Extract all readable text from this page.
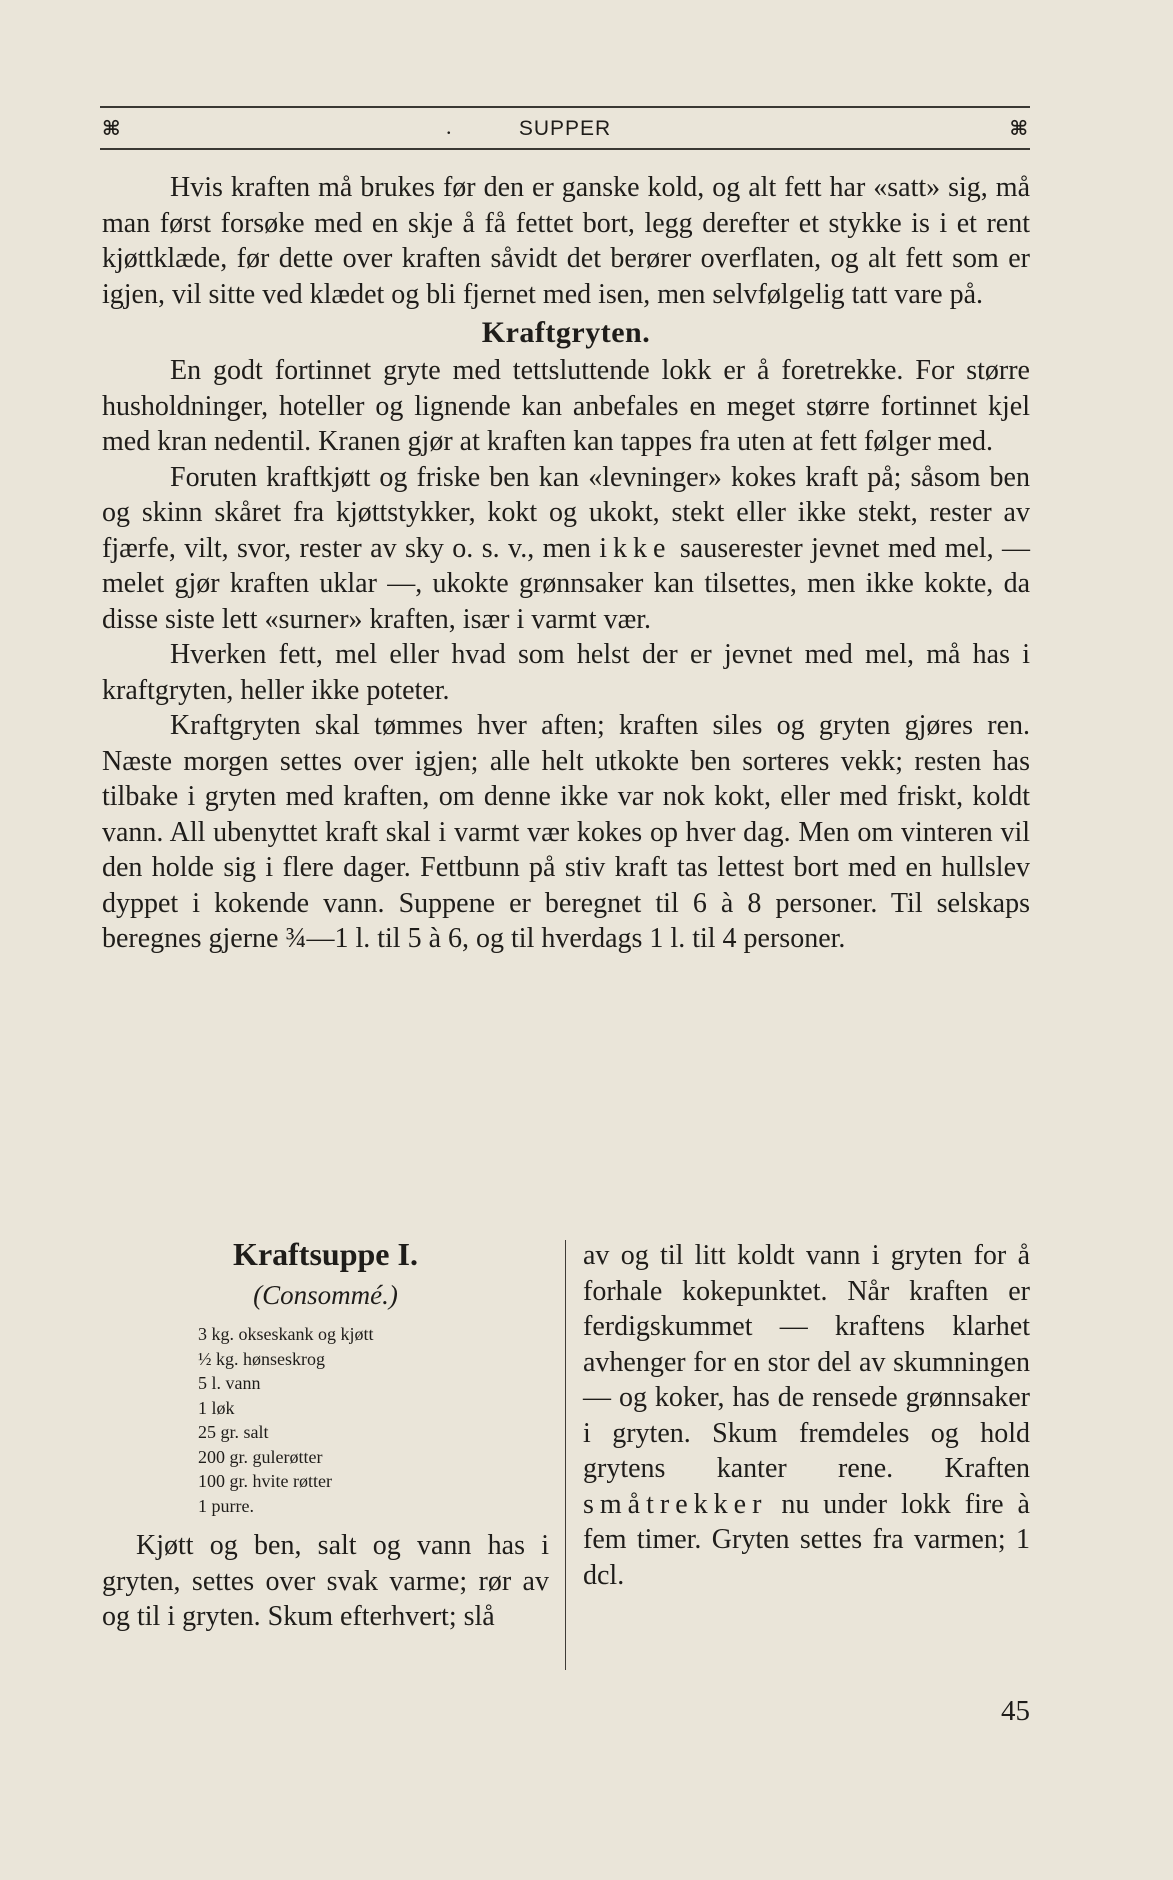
⌘	.	SUPPER	⌘

Hvis kraften må brukes før den er ganske kold, og alt fett har «satt» sig, må man først forsøke med en skje å få fettet bort, legg derefter et stykke is i et rent kjøttklæde, før dette over kraften såvidt det berører overflaten, og alt fett som er igjen, vil sitte ved klædet og bli fjernet med isen, men selvfølgelig tatt vare på.

Kraftgryten.

En godt fortinnet gryte med tettsluttende lokk er å foretrekke. For større husholdninger, hoteller og lignende kan anbefales en meget større fortinnet kjel med kran nedentil. Kranen gjør at kraften kan tappes fra uten at fett følger med.

Foruten kraftkjøtt og friske ben kan «levninger» kokes kraft på; såsom ben og skinn skåret fra kjøttstykker, kokt og ukokt, stekt eller ikke stekt, rester av fjærfe, vilt, svor, rester av sky o. s. v., men ikke sauserester jevnet med mel, — melet gjør kraften uklar —, ukokte grønnsaker kan tilsettes, men ikke kokte, da disse siste lett «surner» kraften, især i varmt vær.

Hverken fett, mel eller hvad som helst der er jevnet med mel, må has i kraftgryten, heller ikke poteter.

Kraftgryten skal tømmes hver aften; kraften siles og gryten gjøres ren. Næste morgen settes over igjen; alle helt utkokte ben sorteres vekk; resten has tilbake i gryten med kraften, om denne ikke var nok kokt, eller med friskt, koldt vann. All ubenyttet kraft skal i varmt vær kokes op hver dag. Men om vinteren vil den holde sig i flere dager. Fettbunn på stiv kraft tas lettest bort med en hullslev dyppet i kokende vann. Suppene er beregnet til 6 à 8 personer. Til selskaps beregnes gjerne ¾—1 l. til 5 à 6, og til hverdags 1 l. til 4 personer.

Kraftsuppe I.
(Consommé.)
3 kg. okseskank og kjøtt
½ kg. hønseskrog
5 l. vann
1 løk
25 gr. salt
200 gr. gulerøtter
100 gr. hvite røtter
1 purre.

Kjøtt og ben, salt og vann has i gryten, settes over svak varme; rør av og til i gryten. Skum efterhvert; slå

av og til litt koldt vann i gryten for å forhale kokepunktet. Når kraften er ferdigskummet — kraftens klarhet avhenger for en stor del av skumningen — og koker, has de rensede grønnsaker i gryten. Skum fremdeles og hold grytens kanter rene. Kraften småtrekker nu under lokk fire à fem timer. Gryten settes fra varmen; 1 dcl.

45
